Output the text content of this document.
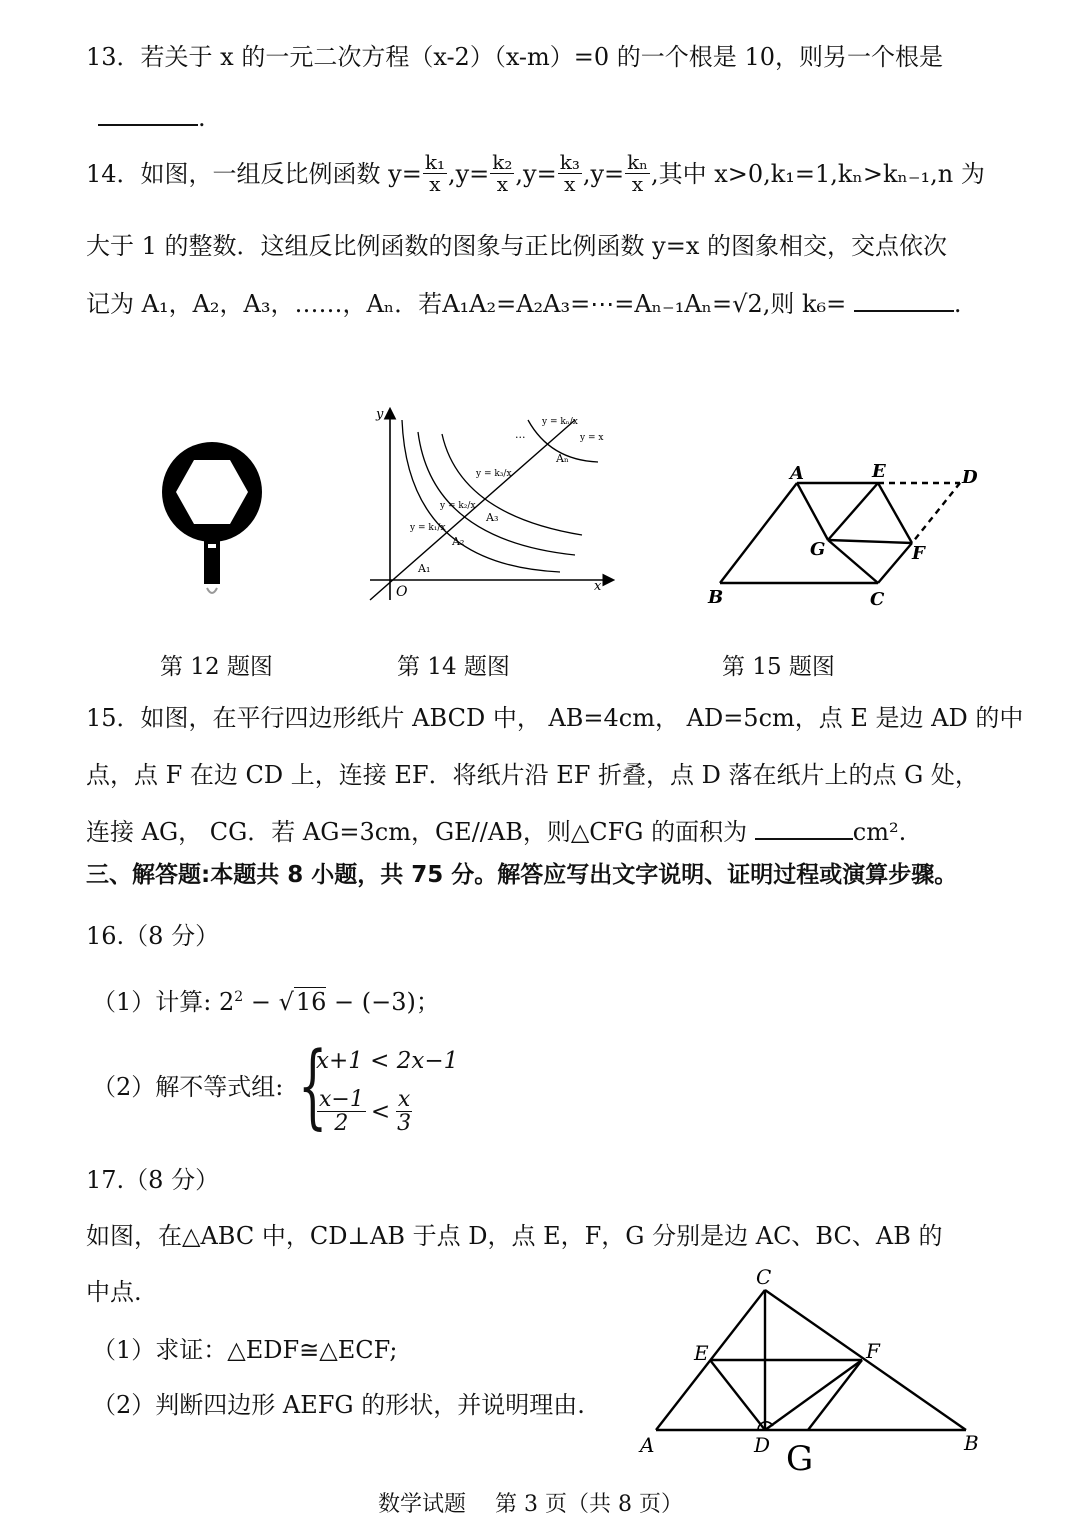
13．若关于 x 的一元二次方程（x-2）（x-m）=0 的一个根是 10，则另一个根是
.
14．如图，一组反比例函数 $y= \frac{\text{k₁}}{x} ,y= \frac{\text{k₂}}{x} ,y= \frac{\text{k₃}}{x} ,y= \frac{\text{kₙ}}{x}$ ,其中 x>0,k₁=1,kₙ>kₙ₋₁,n 为
大于 1 的整数．这组反比例函数的图象与正比例函数 y=x 的图象相交，交点依次
记为 A₁，A₂，A₃，……，Aₙ．若A₁A₂=A₂A₃=⋯=Aₙ₋₁Aₙ=√2,则 k₆=	.
y
x
O
y = k₁/x
y = k₂/x
y = k₃/x
y = kₙ/x
y = x
...
A₁
A₂
A₃
Aₙ
A	E	D
G	F
B	C
第 12 题图	第 14 题图	第 15 题图
15．如图，在平行四边形纸片 ABCD 中， AB=4cm， AD=5cm，点 E 是边 AD 的中
点，点 F 在边 CD 上，连接 EF．将纸片沿 EF 折叠，点 D 落在纸片上的点 G 处，
连接 AG， CG．若 AG=3cm，GE//AB，则△CFG 的面积为	cm².
三、解答题:本题共 8 小题，共 75 分。解答应写出文字说明、证明过程或演算步骤。
16.（8 分）
（1）计算: $2^2 - √16 - (-3)$；
（2）解不等式组: {
x+1 < 2x−1
$\frac{x-1}{2} < \frac{x}{3}$
17.（8 分）
如图，在△ABC 中，CD⊥AB 于点 D，点 E，F，G 分别是边 AC、BC、AB 的
中点.
（1）求证：△EDF≅△ECF;
（2）判断四边形 AEFG 的形状，并说明理由.
C
E	F
A	D	B
G
数学试题　 第 3 页（共 8 页）
